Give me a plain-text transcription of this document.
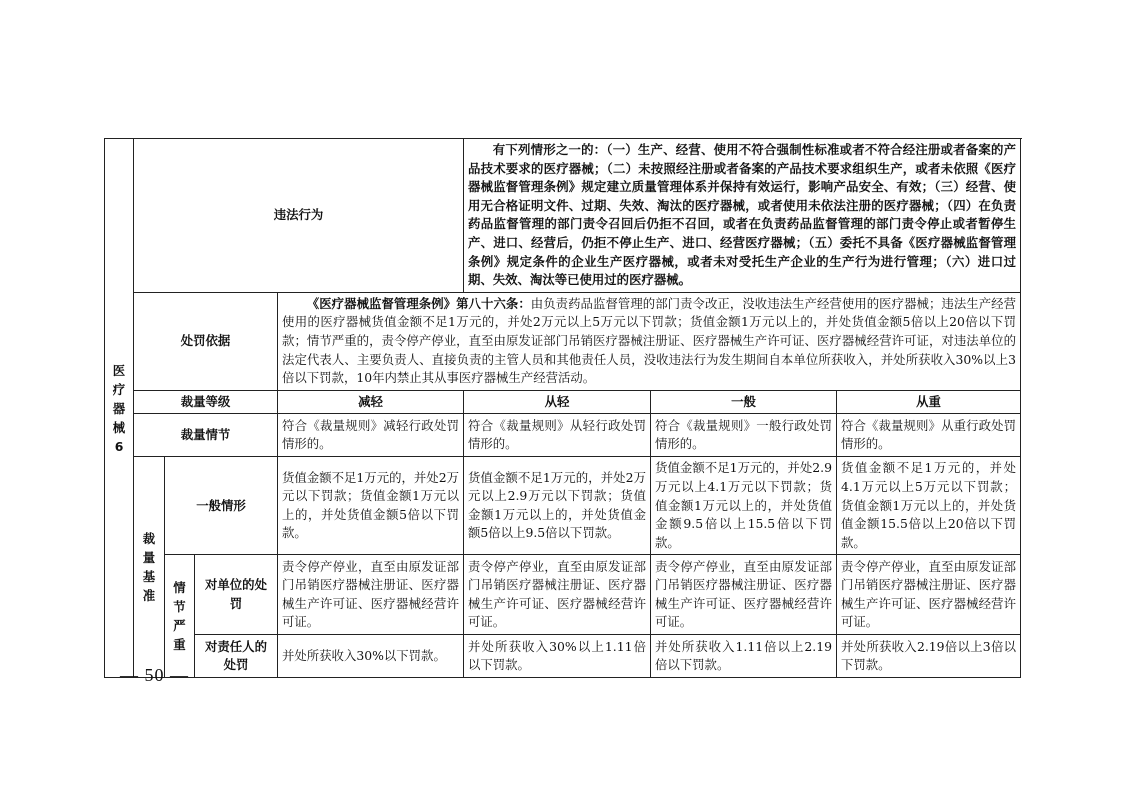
医疗器械6	违法行为				有下列情形之一的：（一）生产、经营、使用不符合强制性标准或者不符合经注册或者备案的产品技术要求的医疗器械；（二）未按照经注册或者备案的产品技术要求组织生产，或者未依照《医疗器械监督管理条例》规定建立质量管理体系并保持有效运行，影响产品安全、有效；（三）经营、使用无合格证明文件、过期、失效、淘汰的医疗器械，或者使用未依法注册的医疗器械；（四）在负责药品监督管理的部门责令召回后仍拒不召回，或者在负责药品监督管理的部门责令停止或者暂停生产、进口、经营后，仍拒不停止生产、进口、经营医疗器械；（五）委托不具备《医疗器械监督管理条例》规定条件的企业生产医疗器械，或者未对受托生产企业的生产行为进行管理；（六）进口过期、失效、淘汰等已使用过的医疗器械。		
	处罚依据			《医疗器械监督管理条例》第八十六条：由负责药品监督管理的部门责令改正，没收违法生产经营使用的医疗器械；违法生产经营使用的医疗器械货值金额不足1万元的，并处2万元以上5万元以下罚款；货值金额1万元以上的，并处货值金额5倍以上20倍以下罚款；情节严重的，责令停产停业，直至由原发证部门吊销医疗器械注册证、医疗器械生产许可证、医疗器械经营许可证，对违法单位的法定代表人、主要负责人、直接负责的主管人员和其他责任人员，没收违法行为发生期间自本单位所获收入，并处所获收入30%以上3倍以下罚款，10年内禁止其从事医疗器械生产经营活动。			
	裁量等级			减轻	从轻	一般	从重
	裁量情节			符合《裁量规则》减轻行政处罚情形的。	符合《裁量规则》从轻行政处罚情形的。	符合《裁量规则》一般行政处罚情形的。	符合《裁量规则》从重行政处罚情形的。

	裁量基准	一般情形		货值金额不足1万元的，并处2万元以下罚款；货值金额1万元以上的，并处货值金额5倍以下罚款。	货值金额不足1万元的，并处2万元以上2.9万元以下罚款；货值金额1万元以上的，并处货值金额5倍以上9.5倍以下罚款。	货值金额不足1万元的，并处2.9万元以上4.1万元以下罚款；货值金额1万元以上的，并处货值金额9.5倍以上15.5倍以下罚款。	货值金额不足1万元的，并处4.1万元以上5万元以下罚款；货值金额1万元以上的，并处货值金额15.5倍以上20倍以下罚款。

		情节严重	对单位的处罚	责令停产停业，直至由原发证部门吊销医疗器械注册证、医疗器械生产许可证、医疗器械经营许可证。	责令停产停业，直至由原发证部门吊销医疗器械注册证、医疗器械生产许可证、医疗器械经营许可证。	责令停产停业，直至由原发证部门吊销医疗器械注册证、医疗器械生产许可证、医疗器械经营许可证。	责令停产停业，直至由原发证部门吊销医疗器械注册证、医疗器械生产许可证、医疗器械经营许可证。
			对责任人的处罚	并处所获收入30%以下罚款。	并处所获收入30%以上1.11倍以下罚款。	并处所获收入1.11倍以上2.19倍以下罚款。	并处所获收入2.19倍以上3倍以下罚款。
— 50 —
